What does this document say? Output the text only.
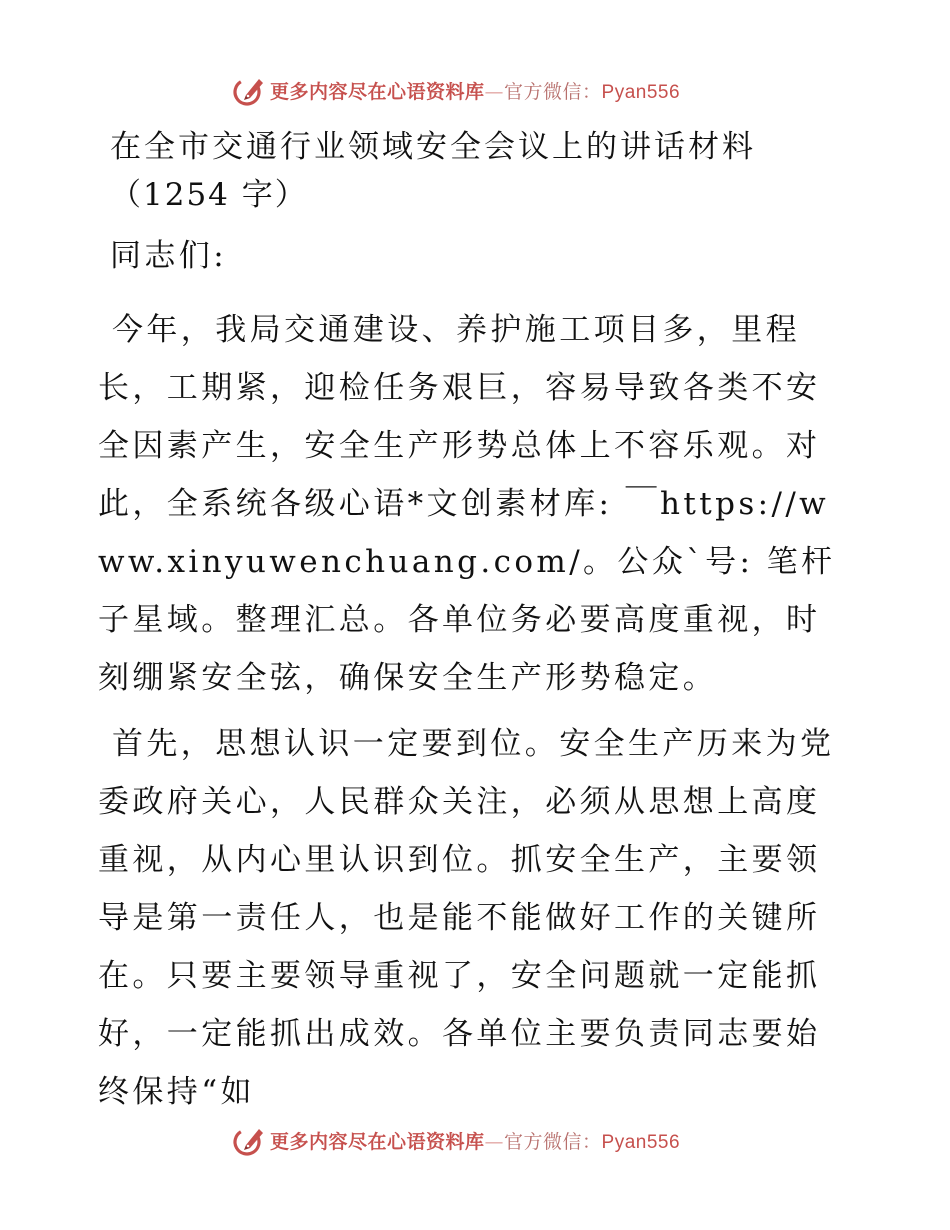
更多内容尽在心语资料库—官方微信：Pyan556
在全市交通行业领域安全会议上的讲话材料
（1254 字）

同志们:

今年，我局交通建设、养护施工项目多，里程长，工期紧，迎检任务艰巨，容易导致各类不安全因素产生，安全生产形势总体上不容乐观。对此，全系统各级心语*文创素材库: ￣https://www.xinyuwenchuang.com/。公众`号: 笔杆子星域。整理汇总。各单位务必要高度重视，时刻绷紧安全弦，确保安全生产形势稳定。

首先，思想认识一定要到位。安全生产历来为党委政府关心，人民群众关注，必须从思想上高度重视，从内心里认识到位。抓安全生产，主要领导是第一责任人，也是能不能做好工作的关键所在。只要主要领导重视了，安全问题就一定能抓好，一定能抓出成效。各单位主要负责同志要始终保持“如

更多内容尽在心语资料库—官方微信：Pyan556
